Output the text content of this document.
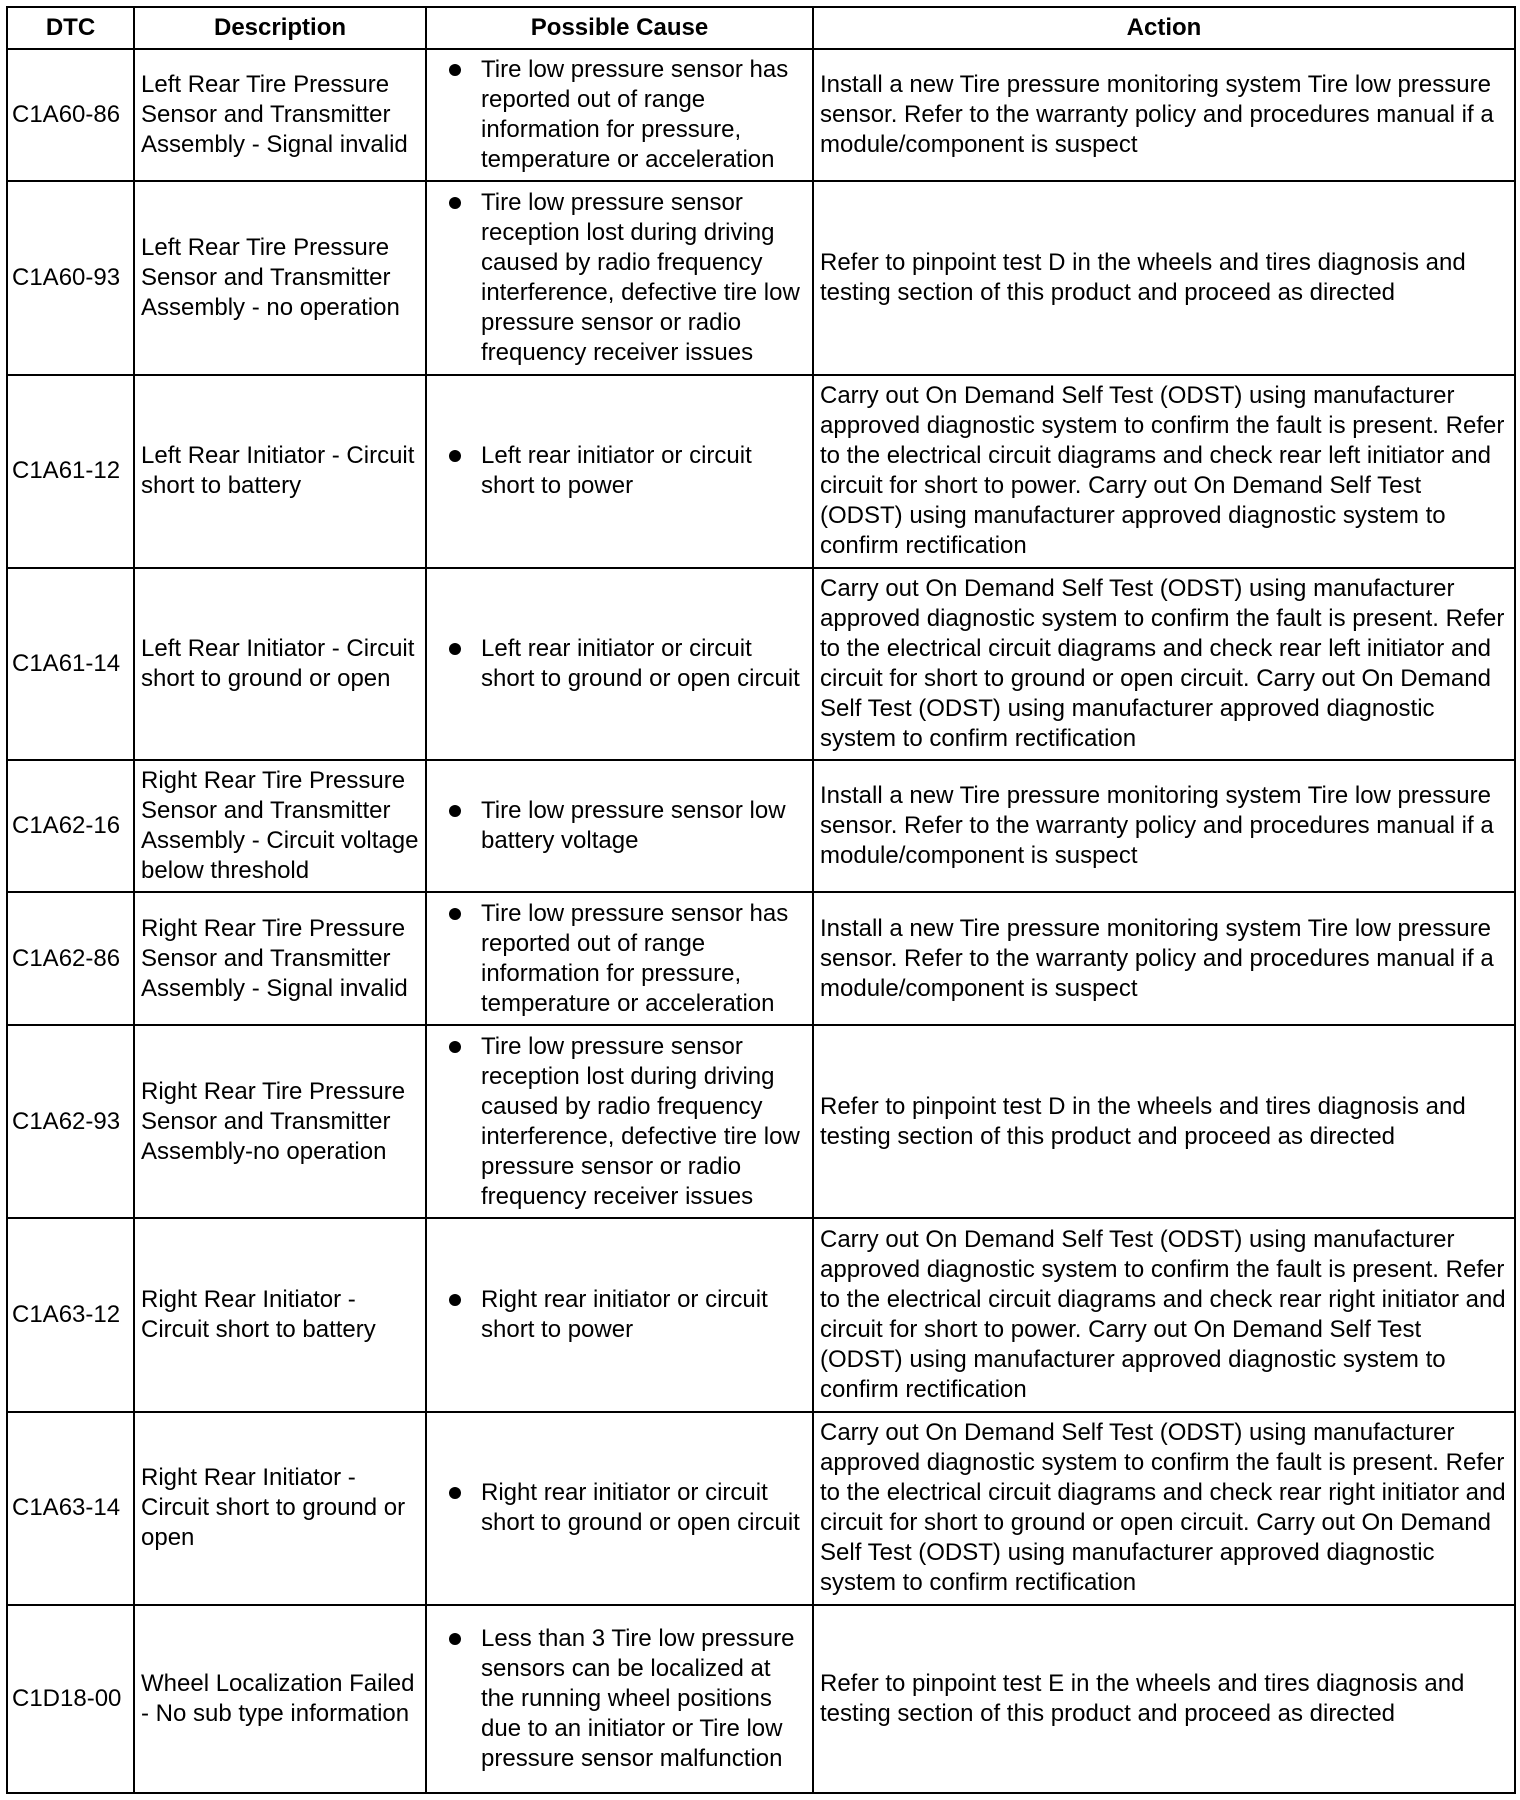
DTC	Description	Possible Cause	Action
C1A60-86	Left Rear Tire Pressure Sensor and Transmitter Assembly - Signal invalid	Tire low pressure sensor has reported out of range information for pressure, temperature or acceleration	Install a new Tire pressure monitoring system Tire low pressure sensor. Refer to the warranty policy and procedures manual if a module/component is suspect
C1A60-93	Left Rear Tire Pressure Sensor and Transmitter Assembly - no operation	Tire low pressure sensor reception lost during driving caused by radio frequency interference, defective tire low pressure sensor or radio frequency receiver issues	Refer to pinpoint test D in the wheels and tires diagnosis and testing section of this product and proceed as directed
C1A61-12	Left Rear Initiator - Circuit short to battery	Left rear initiator or circuit short to power	Carry out On Demand Self Test (ODST) using manufacturer approved diagnostic system to confirm the fault is present. Refer to the electrical circuit diagrams and check rear left initiator and circuit for short to power. Carry out On Demand Self Test (ODST) using manufacturer approved diagnostic system to confirm rectification
C1A61-14	Left Rear Initiator - Circuit short to ground or open	Left rear initiator or circuit short to ground or open circuit	Carry out On Demand Self Test (ODST) using manufacturer approved diagnostic system to confirm the fault is present. Refer to the electrical circuit diagrams and check rear left initiator and circuit for short to ground or open circuit. Carry out On Demand Self Test (ODST) using manufacturer approved diagnostic system to confirm rectification
C1A62-16	Right Rear Tire Pressure Sensor and Transmitter Assembly - Circuit voltage below threshold	Tire low pressure sensor low battery voltage	Install a new Tire pressure monitoring system Tire low pressure sensor. Refer to the warranty policy and procedures manual if a module/component is suspect
C1A62-86	Right Rear Tire Pressure Sensor and Transmitter Assembly - Signal invalid	Tire low pressure sensor has reported out of range information for pressure, temperature or acceleration	Install a new Tire pressure monitoring system Tire low pressure sensor. Refer to the warranty policy and procedures manual if a module/component is suspect
C1A62-93	Right Rear Tire Pressure Sensor and Transmitter Assembly-no operation	Tire low pressure sensor reception lost during driving caused by radio frequency interference, defective tire low pressure sensor or radio frequency receiver issues	Refer to pinpoint test D in the wheels and tires diagnosis and testing section of this product and proceed as directed
C1A63-12	Right Rear Initiator - Circuit short to battery	Right rear initiator or circuit short to power	Carry out On Demand Self Test (ODST) using manufacturer approved diagnostic system to confirm the fault is present. Refer to the electrical circuit diagrams and check rear right initiator and circuit for short to power. Carry out On Demand Self Test (ODST) using manufacturer approved diagnostic system to confirm rectification
C1A63-14	Right Rear Initiator - Circuit short to ground or open	Right rear initiator or circuit short to ground or open circuit	Carry out On Demand Self Test (ODST) using manufacturer approved diagnostic system to confirm the fault is present. Refer to the electrical circuit diagrams and check rear right initiator and circuit for short to ground or open circuit. Carry out On Demand Self Test (ODST) using manufacturer approved diagnostic system to confirm rectification
C1D18-00	Wheel Localization Failed - No sub type information	Less than 3 Tire low pressure sensors can be localized at the running wheel positions due to an initiator or Tire low pressure sensor malfunction	Refer to pinpoint test E in the wheels and tires diagnosis and testing section of this product and proceed as directed
